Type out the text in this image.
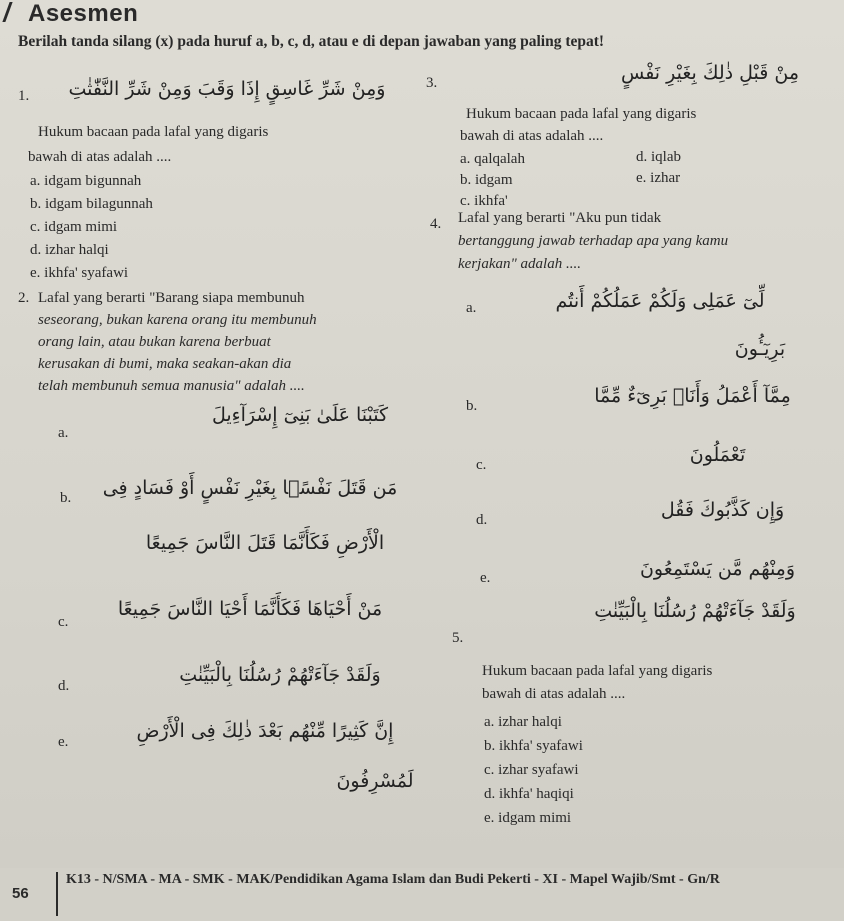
Asesmen
Berilah tanda silang (x) pada huruf a, b, c, d, atau e di depan jawaban yang paling tepat!
1.	وَمِنْ شَرِّ غَاسِقٍ إِذَا وَقَبَ وَمِنْ شَرِّ النَّفّٰثٰتِ
Hukum bacaan pada lafal yang digaris
bawah di atas adalah ....
a. idgam bigunnah
b. idgam bilagunnah
c. idgam mimi
d. izhar halqi
e. ikhfa' syafawi
2. Lafal yang berarti "Barang siapa membunuh
seseorang, bukan karena orang itu membunuh
orang lain, atau bukan karena berbuat
kerusakan di bumi, maka seakan-akan dia
telah membunuh semua manusia" adalah ....
a.
كَتَبْنَا عَلَىٰ بَنِىٓ إِسْرَآءِيلَ
b.	مَن قَتَلَ نَفْسًۢا بِغَيْرِ نَفْسٍ أَوْ فَسَادٍ فِى
الْأَرْضِ فَكَأَنَّمَا قَتَلَ النَّاسَ جَمِيعًا
c.
مَنْ أَحْيَاهَا فَكَأَنَّمَا أَحْيَا النَّاسَ جَمِيعًا
d.	وَلَقَدْ جَآءَتْهُمْ رُسُلُنَا بِالْبَيِّنٰتِ
e.	إِنَّ كَثِيرًا مِّنْهُم بَعْدَ ذٰلِكَ فِى الْأَرْضِ
لَمُسْرِفُونَ
3.	مِنْ قَبْلِ ذٰلِكَ بِغَيْرِ نَفْسٍ
Hukum bacaan pada lafal yang digaris
bawah di atas adalah ....
a. qalqalah
b. idgam
c. ikhfa'
d. iqlab
e. izhar
4. Lafal yang berarti "Aku pun tidak
bertanggung jawab terhadap apa yang kamu
kerjakan" adalah ....
a.	لِّىٓ عَمَلِى وَلَكُمْ عَمَلُكُمْ أَنتُم
بَرِيٓـُٔونَ
b.	مِمَّآ أَعْمَلُ وَأَنَا۠ بَرِىٓءٌ مِّمَّا
c.	تَعْمَلُونَ
d.	وَإِن كَذَّبُوكَ فَقُل
e.	وَمِنْهُم مَّن يَسْتَمِعُونَ
5.
وَلَقَدْ جَآءَتْهُمْ رُسُلُنَا بِالْبَيِّنٰتِ
Hukum bacaan pada lafal yang digaris
bawah di atas adalah ....
a. izhar halqi
b. ikhfa' syafawi
c. izhar syafawi
d. ikhfa' haqiqi
e. idgam mimi
56
K13 - N/SMA - MA - SMK - MAK/Pendidikan Agama Islam dan Budi Pekerti - XI - Mapel Wajib/Smt - Gn/R
